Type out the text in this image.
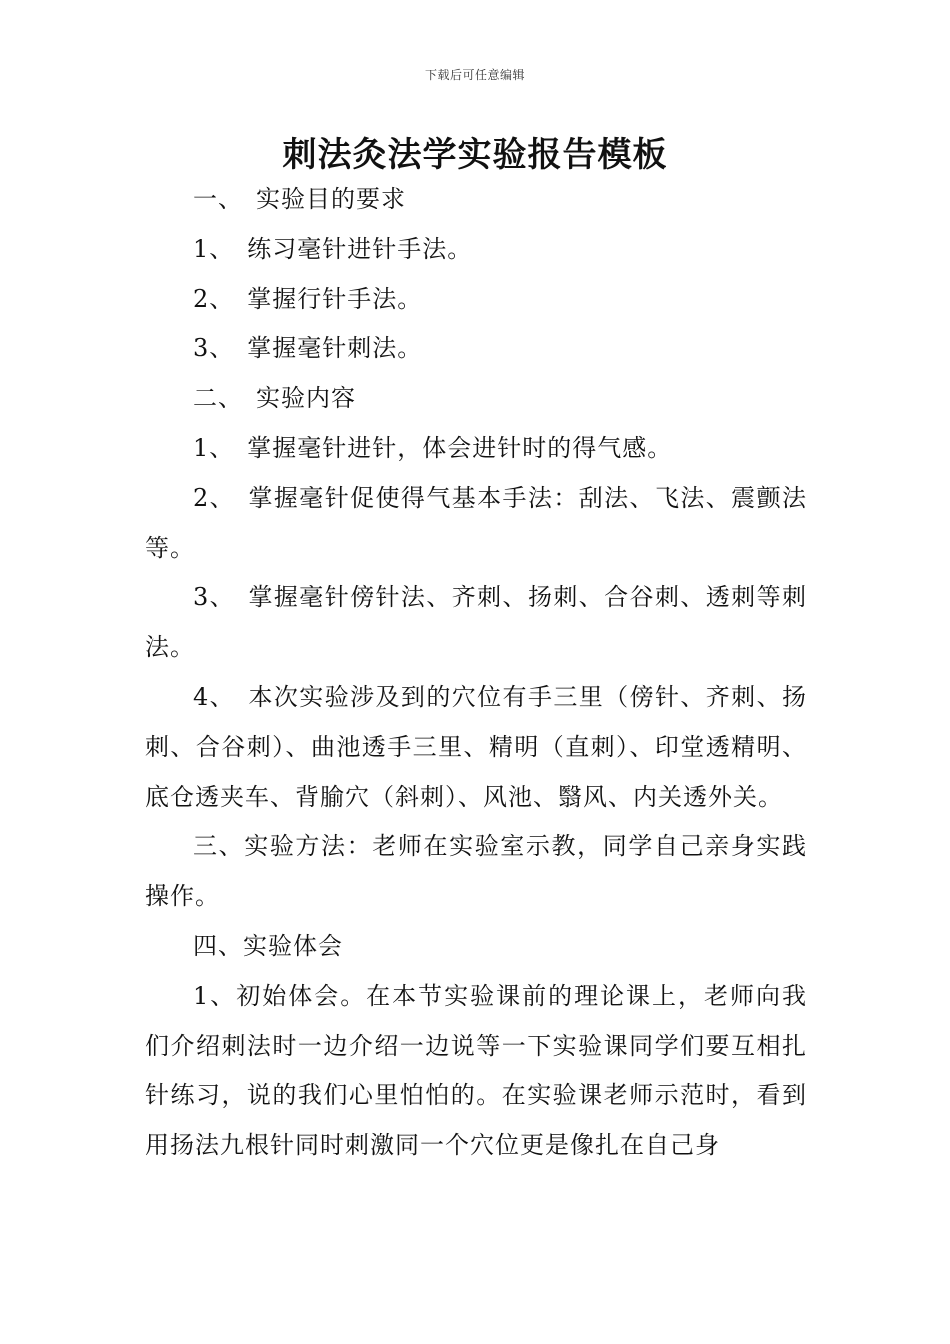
下载后可任意编辑
刺法灸法学实验报告模板

一、　实验目的要求

1、　练习毫针进针手法。

2、　掌握行针手法。

3、　掌握毫针刺法。

二、　实验内容

1、　掌握毫针进针，体会进针时的得气感。

2、　掌握毫针促使得气基本手法：刮法、飞法、震颤法等。

3、　掌握毫针傍针法、齐刺、扬刺、合谷刺、透刺等刺法。

4、　本次实验涉及到的穴位有手三里（傍针、齐刺、扬刺、合谷刺）、曲池透手三里、精明（直刺）、印堂透精明、底仓透夹车、背腧穴（斜刺）、风池、翳风、内关透外关。

三、实验方法：老师在实验室示教，同学自己亲身实践操作。

四、实验体会

1、初始体会。在本节实验课前的理论课上，老师向我们介绍刺法时一边介绍一边说等一下实验课同学们要互相扎针练习，说的我们心里怕怕的。在实验课老师示范时，看到用扬法九根针同时刺激同一个穴位更是像扎在自己身
